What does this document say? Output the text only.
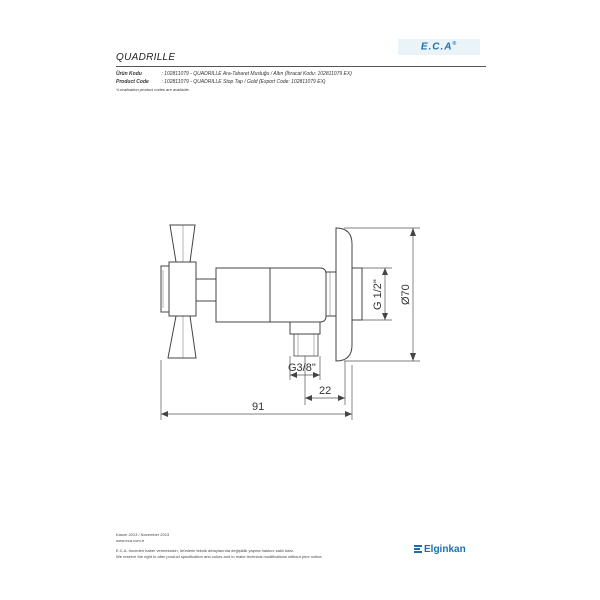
QUADRILLE
E.C.A®
Ürün Kodu	: 102811079 - QUADRILLE Ara-Taharet Musluğu / Altın (İhracat Kodu: 102811079 EX)
Product Code	: 102811079 - QUADRILLE Stop Tap / Gold (Export Code: 102811079 EX)
*Localisation product codes are available.
G 1/2" Ø70
G3/8"
22
91
Kasım 2013 / November 2013
www.eca.com.tr
E.C.A. önceden haber vermeksizin, ürünlerin teknik detaylarında değişiklik yapma hakkını saklı tutar.
We reserve the right to alter product specification and colors and to make technical modifications without prior notice.
Elginkan
